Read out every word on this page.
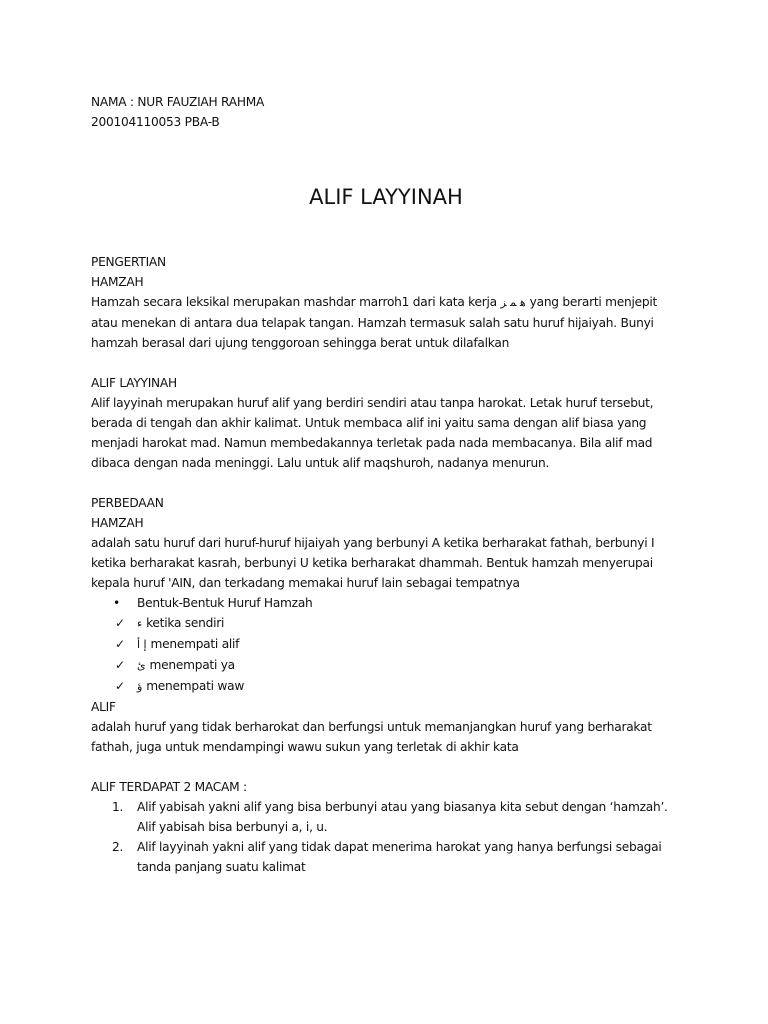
NAMA : NUR FAUZIAH RAHMA
200104110053 PBA-B
ALIF LAYYINAH
PENGERTIAN
HAMZAH
Hamzah secara leksikal merupakan mashdar marroh1 dari kata kerja ﻫ ﻤ ﺰ yang berarti menjepit atau menekan di antara dua telapak tangan. Hamzah termasuk salah satu huruf hijaiyah. Bunyi hamzah berasal dari ujung tenggoroan sehingga berat untuk dilafalkan
ALIF LAYYINAH
Alif layyinah merupakan huruf alif yang berdiri sendiri atau tanpa harokat. Letak huruf tersebut, berada di tengah dan akhir kalimat. Untuk membaca alif ini yaitu sama dengan alif biasa yang menjadi harokat mad. Namun membedakannya terletak pada nada membacanya. Bila alif mad dibaca dengan nada meninggi. Lalu untuk alif maqshuroh, nadanya menurun.
PERBEDAAN
HAMZAH
adalah satu huruf dari huruf-huruf hijaiyah yang berbunyi A ketika berharakat fathah, berbunyi I ketika berharakat kasrah, berbunyi U ketika berharakat dhammah. Bentuk hamzah menyerupai kepala huruf 'AIN, dan terkadang memakai huruf lain sebagai tempatnya
• Bentuk-Bentuk Huruf Hamzah
✓ ء ketika sendiri
✓ إ أ menempati alif
✓ ئ menempati ya
✓ ؤ menempati waw
ALIF
adalah huruf yang tidak berharokat dan berfungsi untuk memanjangkan huruf yang berharakat fathah, juga untuk mendampingi wawu sukun yang terletak di akhir kata
ALIF TERDAPAT 2 MACAM :
1. Alif yabisah yakni alif yang bisa berbunyi atau yang biasanya kita sebut dengan ‘hamzah’. Alif yabisah bisa berbunyi a, i, u.
2. Alif layyinah yakni alif yang tidak dapat menerima harokat yang hanya berfungsi sebagai tanda panjang suatu kalimat
